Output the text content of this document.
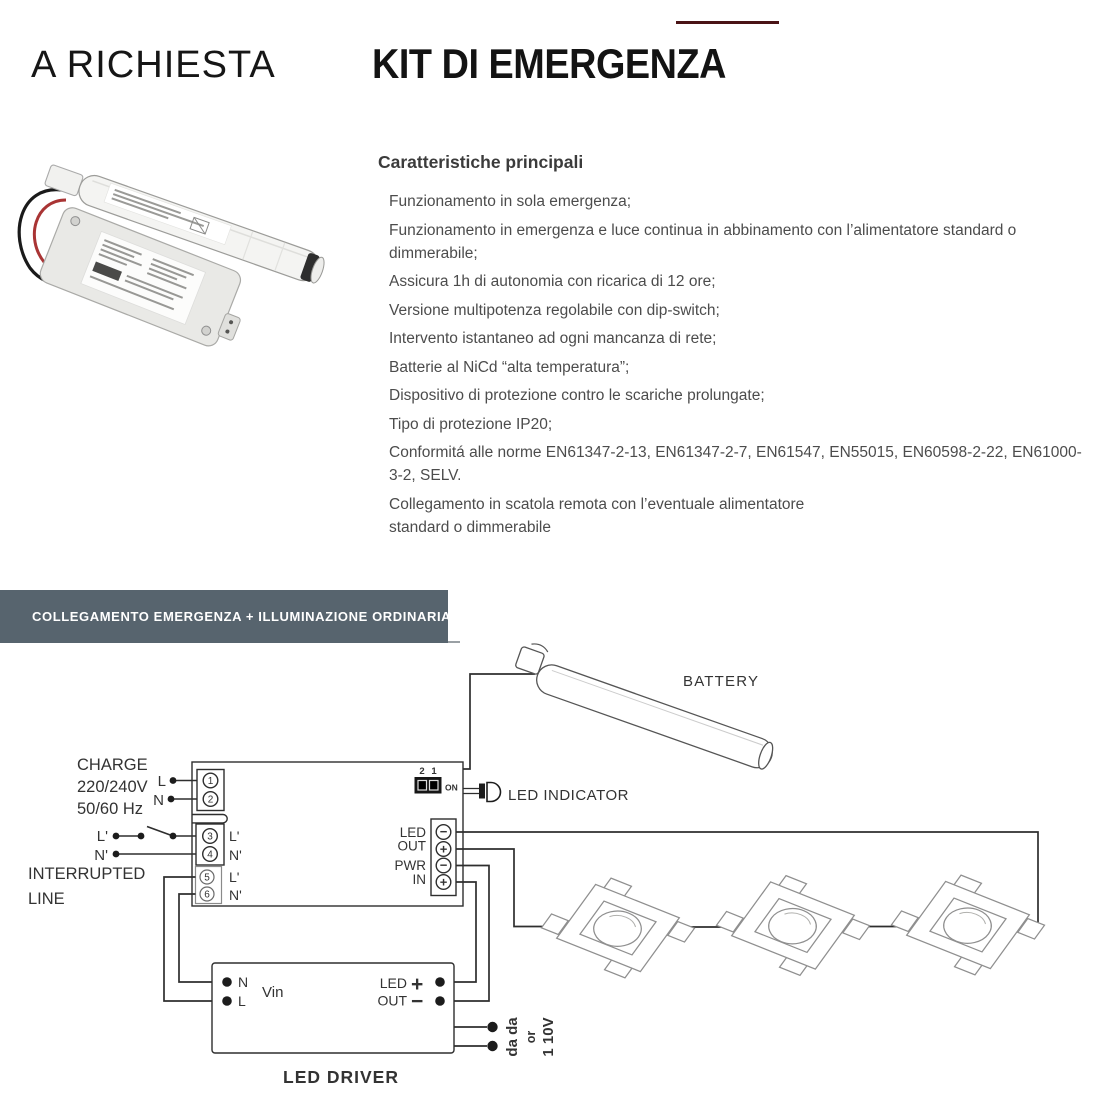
A RICHIESTA KIT DI EMERGENZA
Caratteristiche principali
Funzionamento in sola emergenza;
Funzionamento in emergenza e luce continua in abbinamento con l’alimentatore standard o dimmerabile;
Assicura 1h di autonomia con ricarica di 12 ore;
Versione multipotenza regolabile con dip-switch;
Intervento istantaneo ad ogni mancanza di rete;
Batterie al NiCd “alta temperatura”;
Dispositivo di protezione contro le scariche prolungate;
Tipo di protezione IP20;
Conformitá alle norme EN61347-2-13, EN61347-2-7, EN61547, EN55015, EN60598-2-22, EN61000-3-2, SELV.
Collegamento in scatola remota con l’eventuale alimentatore standard o dimmerabile
COLLEGAMENTO EMERGENZA + ILLUMINAZIONE ORDINARIA
BATTERY
CHARGE
220/240V
50/60 Hz
L
N
L'
N'
INTERRUPTED
LINE
1
2
3
4
5
6
L'
N'
L'
N'
2 1
ON	LED INDICATOR
−
+
−
+
LED
OUT
PWR
IN
N
L Vin
LED
OUT
+
−
da da or 1 10V
LED DRIVER
